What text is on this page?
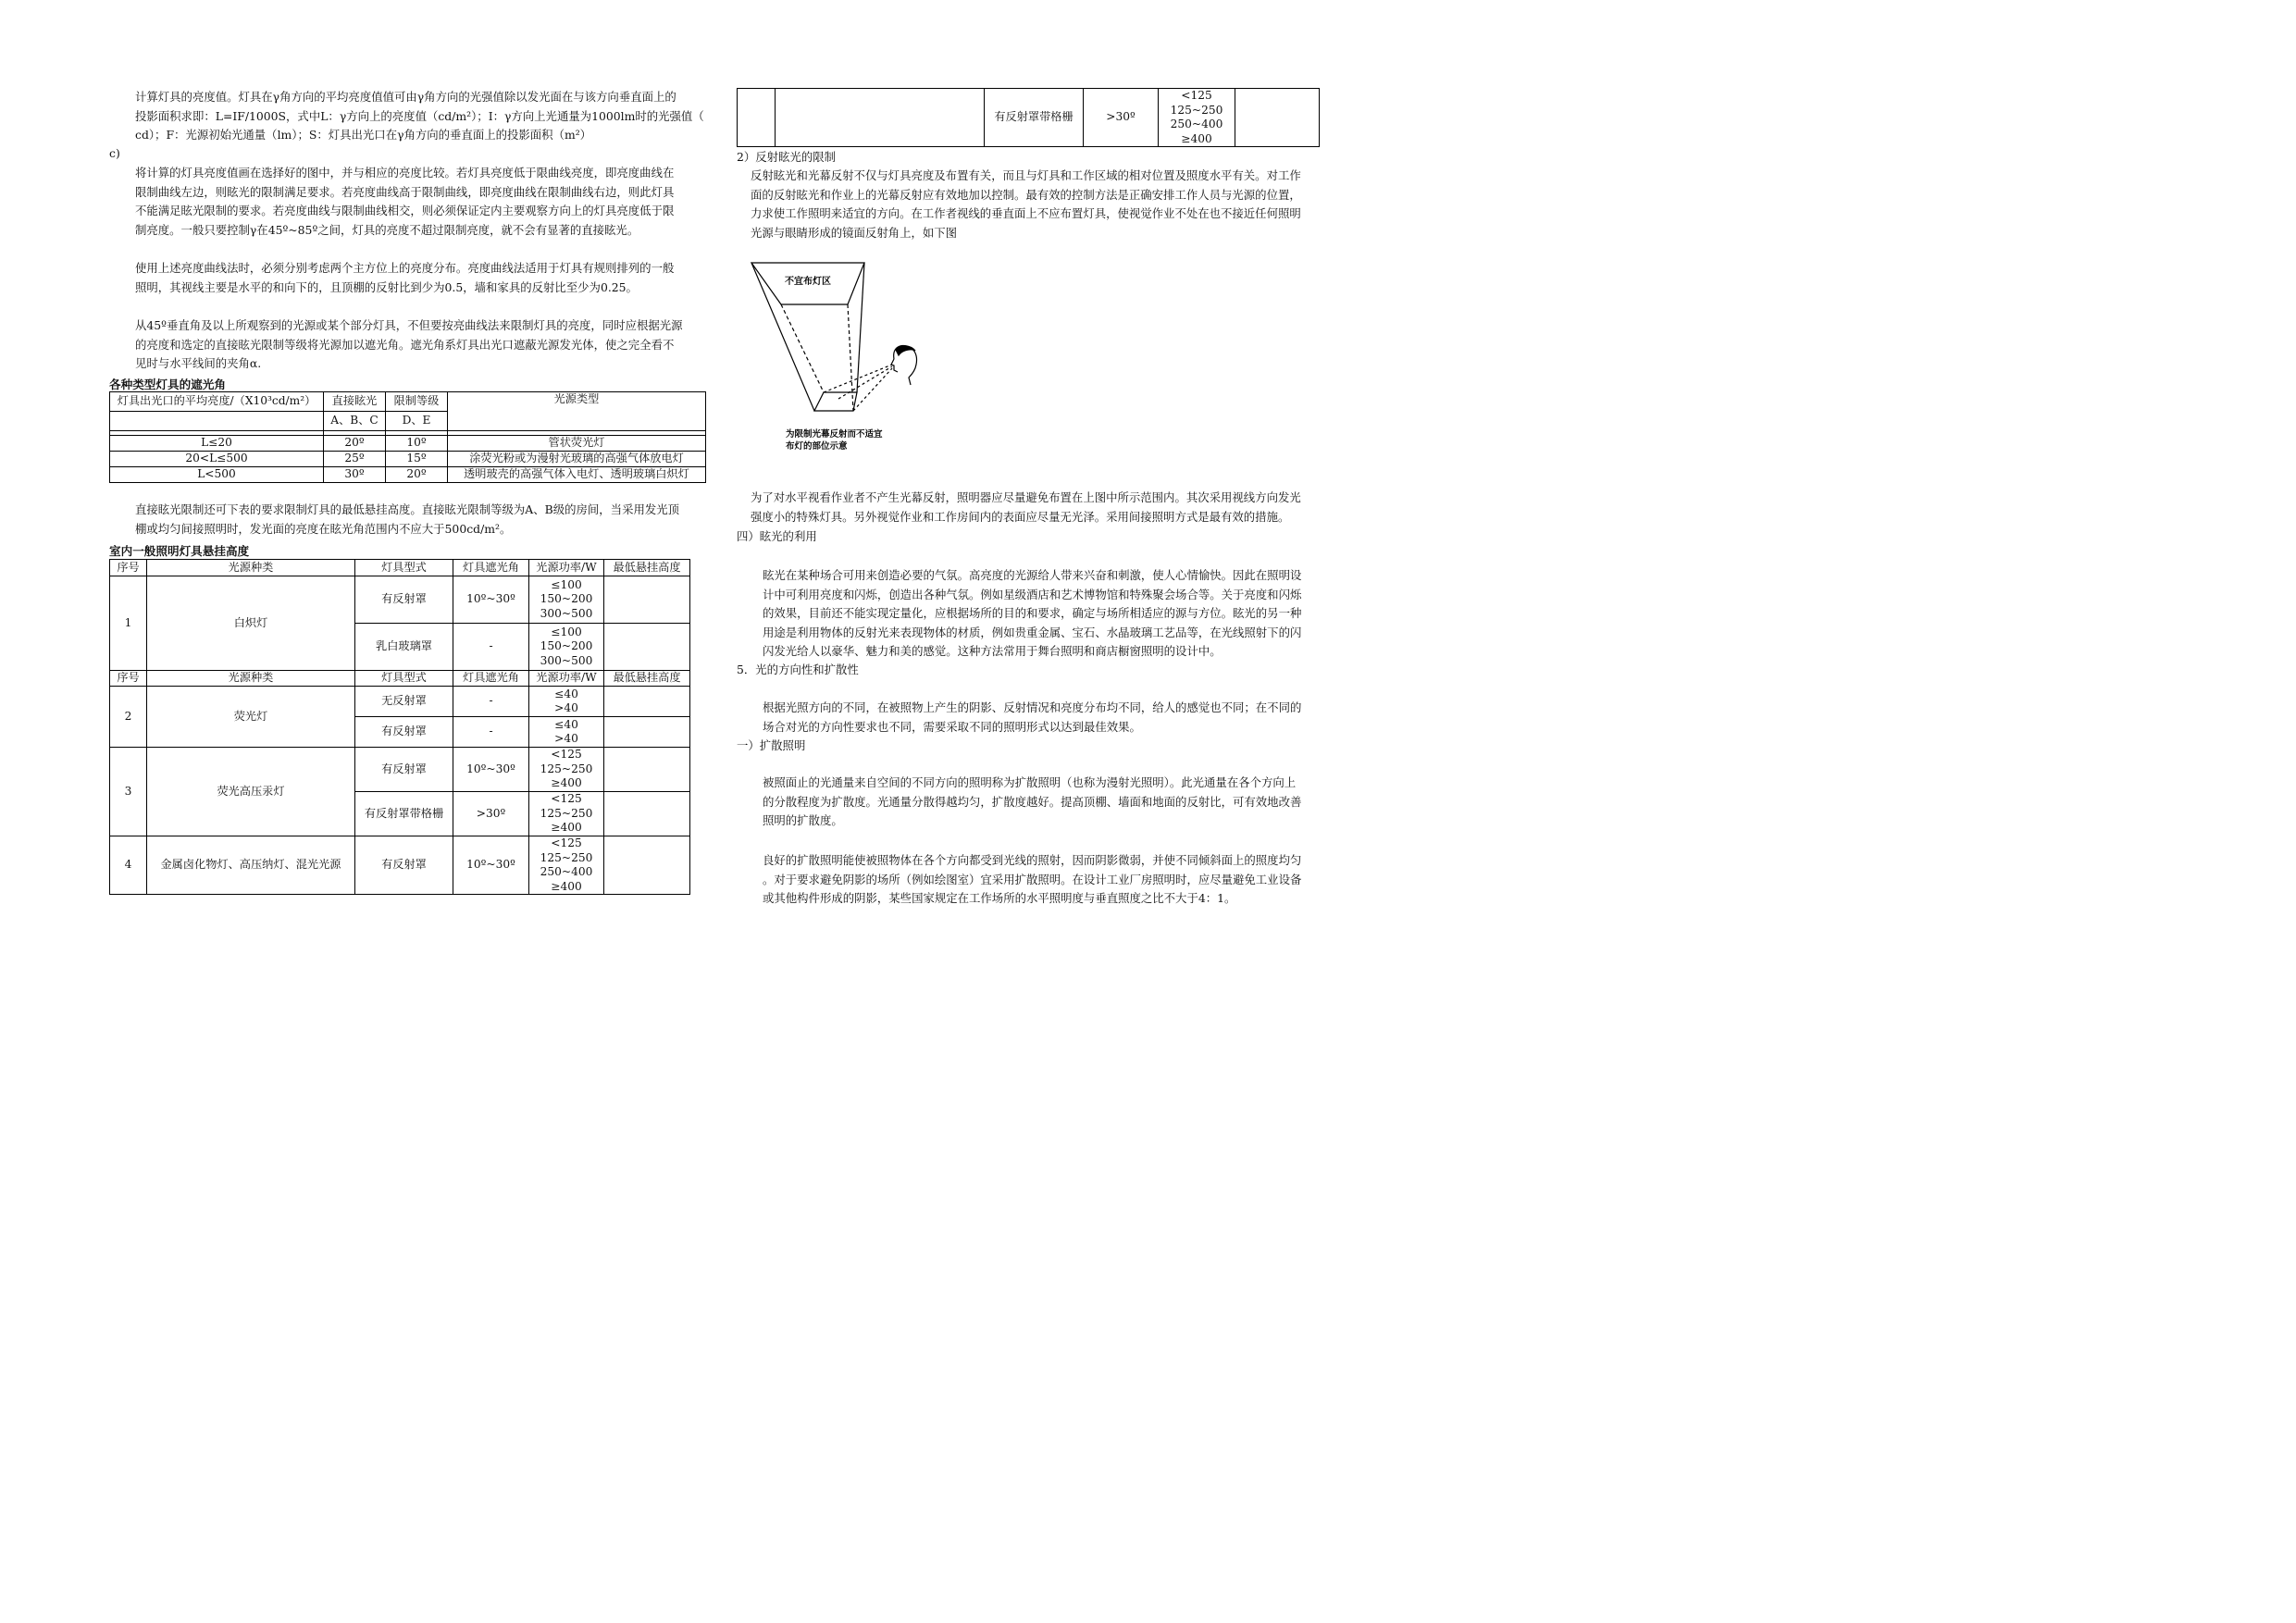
计算灯具的亮度值。灯具在γ角方向的平均亮度值值可由γ角方向的光强值除以发光面在与该方向垂直面上的
投影面积求即：L=IF/1000S，式中L：γ方向上的亮度值（cd/m²）；I：γ方向上光通量为1000lm时的光强值（
cd）；F：光源初始光通量（lm）；S：灯具出光口在γ角方向的垂直面上的投影面积（m²）
c)
将计算的灯具亮度值画在选择好的图中，并与相应的亮度比较。若灯具亮度低于限曲线亮度，即亮度曲线在
限制曲线左边，则眩光的限制满足要求。若亮度曲线高于限制曲线，即亮度曲线在限制曲线右边，则此灯具
不能满足眩光限制的要求。若亮度曲线与限制曲线相交，则必须保证定内主要观察方向上的灯具亮度低于限
制亮度。一般只要控制γ在45º~85º之间，灯具的亮度不超过限制亮度，就不会有显著的直接眩光。
使用上述亮度曲线法时，必须分别考虑两个主方位上的亮度分布。亮度曲线法适用于灯具有规则排列的一般
照明，其视线主要是水平的和向下的，且顶棚的反射比到少为0.5，墙和家具的反射比至少为0.25。
从45º垂直角及以上所观察到的光源或某个部分灯具，不但要按亮曲线法来限制灯具的亮度，同时应根据光源
的亮度和选定的直接眩光限制等级将光源加以遮光角。遮光角系灯具出光口遮蔽光源发光体，使之完全看不
见时与水平线间的夹角α.
各种类型灯具的遮光角
灯具出光口的平均亮度/（X10³cd/m²）	直接眩光	限制等级	光源类型
	A、B、C	D、E	

L≤20	20º	10º	管状荧光灯
20<L≤500	25º	15º	涂荧光粉或为漫射光玻璃的高强气体放电灯
L<500	30º	20º	透明玻壳的高强气体入电灯、透明玻璃白炽灯
直接眩光限制还可下表的要求限制灯具的最低悬挂高度。直接眩光限制等级为A、B级的房间，当采用发光顶
棚或均匀间接照明时，发光面的亮度在眩光角范围内不应大于500cd/m²。
室内一般照明灯具悬挂高度
序号	光源种类	灯具型式	灯具遮光角	光源功率/W	最低悬挂高度
1	白炽灯	有反射罩	10º~30º	≤100
150~200
300~500	

		乳白玻璃罩	-	≤100
150~200
300~500	

序号	光源种类	灯具型式	灯具遮光角	光源功率/W	最低悬挂高度
2	荧光灯	无反射罩	-	≤40
>40	

		有反射罩	-	≤40
>40	

3	荧光高压汞灯	有反射罩	10º~30º	<125
125~250
≥400	

		有反射罩带格栅	>30º	<125
125~250
≥400	

4	金属卤化物灯、高压纳灯、混光光源	有反射罩	10º~30º	<125
125~250
250~400
≥400	

		有反射罩带格栅	>30º	
<125
125~250
250~400
≥400

2）反射眩光的限制
反射眩光和光幕反射不仅与灯具亮度及布置有关，而且与灯具和工作区域的相对位置及照度水平有关。对工作
面的反射眩光和作业上的光幕反射应有效地加以控制。最有效的控制方法是正确安排工作人员与光源的位置，
力求使工作照明来适宜的方向。在工作者视线的垂直面上不应布置灯具，使视觉作业不处在也不接近任何照明
光源与眼睛形成的镜面反射角上，如下图
不宜布灯区
为限制光幕反射而不适宜
布灯的部位示意
为了对水平视看作业者不产生光幕反射，照明器应尽量避免布置在上图中所示范围内。其次采用视线方向发光
强度小的特殊灯具。另外视觉作业和工作房间内的表面应尽量无光泽。采用间接照明方式是最有效的措施。
四）眩光的利用
眩光在某种场合可用来创造必要的气氛。高亮度的光源给人带来兴奋和刺激，使人心情愉快。因此在照明设
计中可利用亮度和闪烁，创造出各种气氛。例如星级酒店和艺术博物馆和特殊聚会场合等。关于亮度和闪烁
的效果，目前还不能实现定量化，应根据场所的目的和要求，确定与场所相适应的源与方位。眩光的另一种
用途是利用物体的反射光来表现物体的材质，例如贵重金属、宝石、水晶玻璃工艺品等，在光线照射下的闪
闪发光给人以豪华、魅力和美的感觉。这种方法常用于舞台照明和商店橱窗照明的设计中。
5．光的方向性和扩散性
根据光照方向的不同，在被照物上产生的阴影、反射情况和亮度分布均不同，给人的感觉也不同；在不同的
场合对光的方向性要求也不同，需要采取不同的照明形式以达到最佳效果。
一）扩散照明
被照面止的光通量来自空间的不同方向的照明称为扩散照明（也称为漫射光照明）。此光通量在各个方向上
的分散程度为扩散度。光通量分散得越均匀，扩散度越好。提高顶棚、墙面和地面的反射比，可有效地改善
照明的扩散度。
良好的扩散照明能使被照物体在各个方向都受到光线的照射，因而阴影微弱，并使不同倾斜面上的照度均匀
。对于要求避免阴影的场所（例如绘图室）宜采用扩散照明。在设计工业厂房照明时，应尽量避免工业设备
或其他构件形成的阴影，某些国家规定在工作场所的水平照明度与垂直照度之比不大于4：1。
